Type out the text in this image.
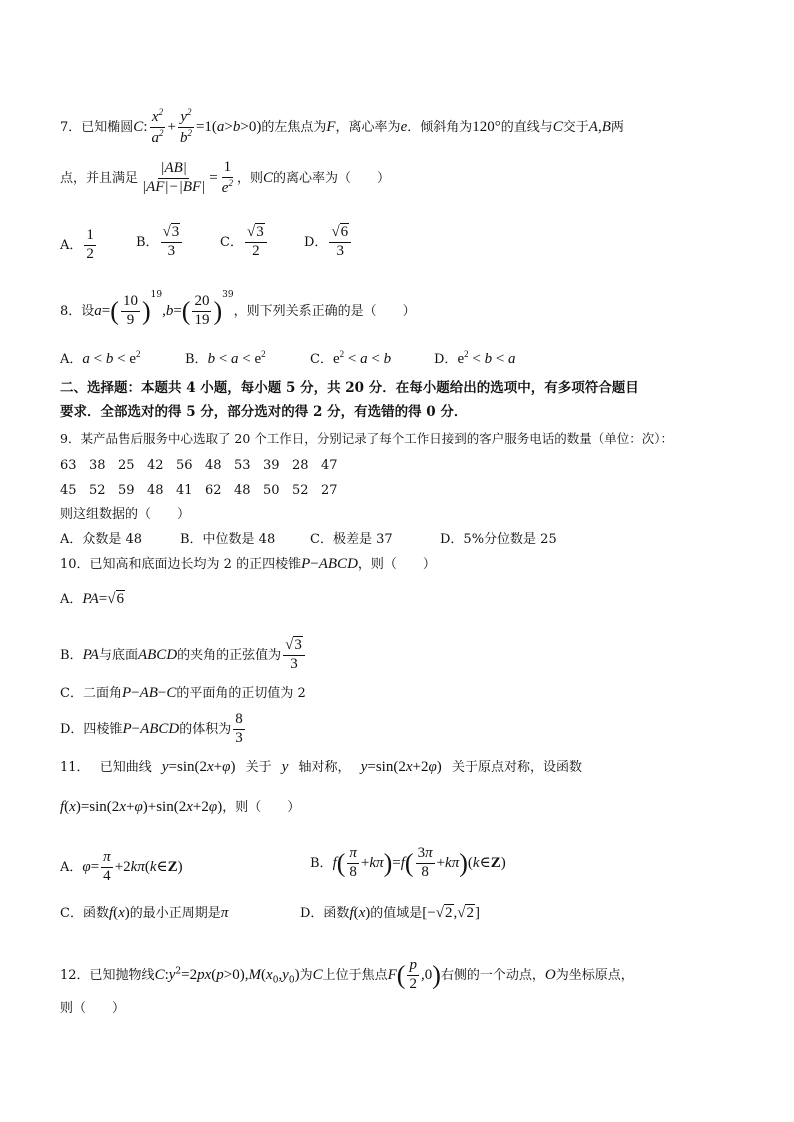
7．已知椭圆C: $\frac{x^2}{a^2} + \frac{y^2}{b^2} =1(a>b>0)$的左焦点为F，离心率为e．倾斜角为120°的直线与C交于A,B两
点，并且满足 $\frac{|AB|}{|AF|-|BF|} = \frac{1}{e^2}$ ，则C的离心率为（　　）
A． $\frac{1}{2}$	B． $\frac{√3}{3}$	C． $\frac{√3}{2}$	D． $\frac{√6}{3}$
8．设$a=( \frac{10}{9} )^{19},b=( \frac{20}{19} )^{39}$，则下列关系正确的是（　　）
A．$a < b < e^2$	B．$b < a < e^2$	C．$e^2 < a < b$	D．$e^2 < b < a$
二、选择题：本题共 4 小题，每小题 5 分，共 20 分．在每小题给出的选项中，有多项符合题目
要求．全部选对的得 5 分，部分选对的得 2 分，有选错的得 0 分．
9．某产品售后服务中心选取了 20 个工作日，分别记录了每个工作日接到的客户服务电话的数量（单位：次）：
63 38 25 42 56 48 53 39 28 47
45 52 59 48 41 62 48 50 52 27
则这组数据的（　　）
A．众数是 48	B．中位数是 48	C．极差是 37	D．5%分位数是 25
10．已知高和底面边长均为 2 的正四棱锥P−ABCD，则（　　）
A．PA=√6
B．PA与底面ABCD的夹角的正弦值为 $\frac{√3}{3}$
C．二面角P−AB−C的平面角的正切值为 2
D．四棱锥P−ABCD的体积为 $\frac{8}{3}$
11． 已知曲线 y=sin(2x+φ) 关于 y 轴对称， y=sin(2x+2φ) 关于原点对称，设函数
f(x)=sin(2x+φ)+sin(2x+2φ)，则（　　）
A．$\varphi= \frac{\pi}{4}$ +2kπ(k∈Z)	B．$f( \frac{\pi}{8} +k\pi)=f( \frac{3\pi}{8}$ +kπ)(k∈Z)
C．函数f(x)的最小正周期是π	D．函数f(x)的值域是[−√2,√2]
12．已知抛物线$C:y^2=2px(p>0),M(x_0,y_0)$为C上位于焦点$F( \frac{p}{2} ,0)$右侧的一个动点，O为坐标原点，
则（　　）
